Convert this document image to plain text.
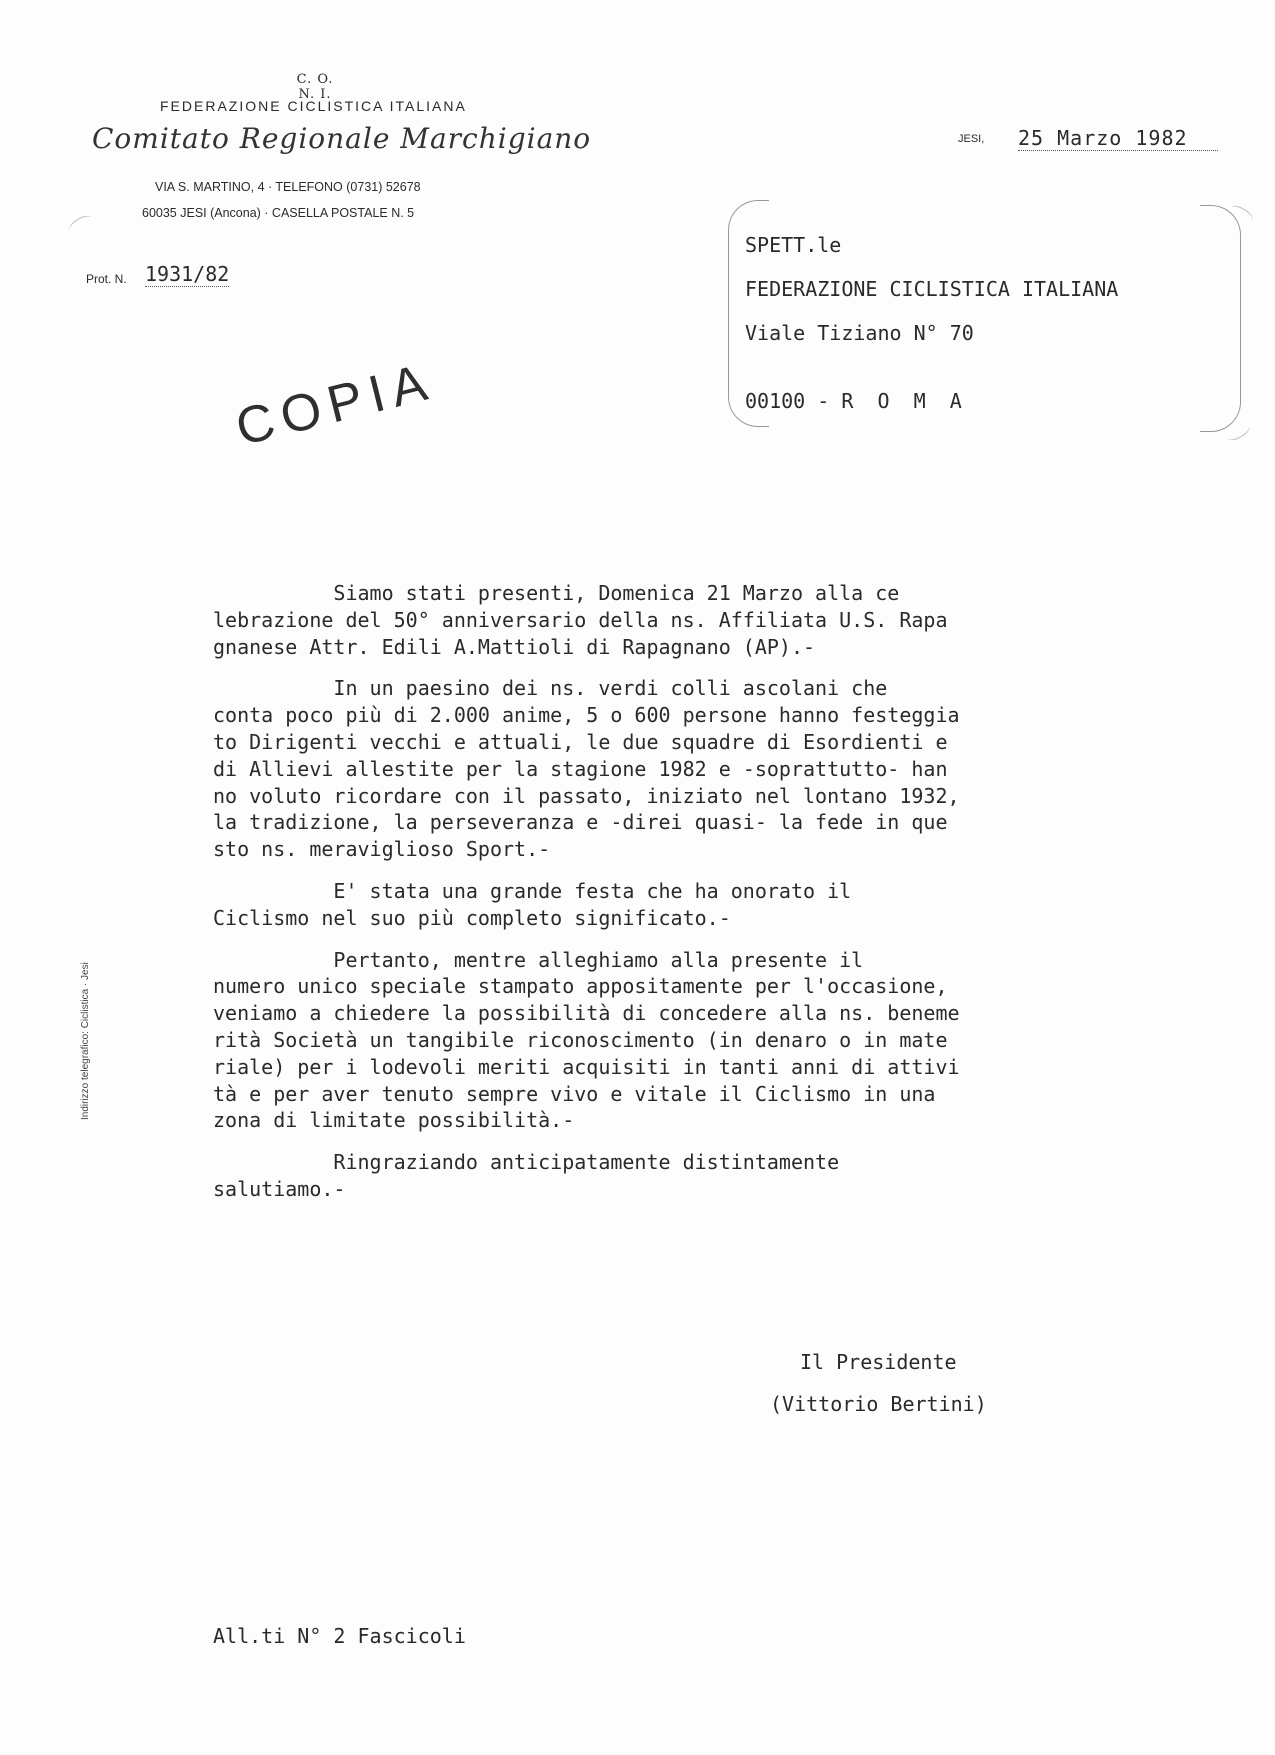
C. O. N. I.
FEDERAZIONE CICLISTICA ITALIANA
Comitato Regionale Marchigiano
VIA S. MARTINO, 4 · TELEFONO (0731) 52678
60035 JESI (Ancona) · CASELLA POSTALE N. 5
Prot. N. 1931/82
JESI, 25 Marzo 1982
SPETT.le
FEDERAZIONE CICLISTICA ITALIANA
Viale Tiziano N° 70
00100 - R  O  M  A
COPIA
Siamo stati presenti, Domenica 21 Marzo alla ce
lebrazione del 50° anniversario della ns. Affiliata U.S. Rapa
gnanese Attr. Edili A.Mattioli di Rapagnano (AP).-
In un paesino dei ns. verdi colli ascolani che
conta poco più di 2.000 anime, 5 o 600 persone hanno festeggia
to Dirigenti vecchi e attuali, le due squadre di Esordienti e
di Allievi allestite per la stagione 1982 e -soprattutto- han
no voluto ricordare con il passato, iniziato nel lontano 1932,
la tradizione, la perseveranza e -direi quasi- la fede in que
sto ns. meraviglioso Sport.-
E' stata una grande festa che ha onorato il
Ciclismo nel suo più completo significato.-
Pertanto, mentre alleghiamo alla presente il
numero unico speciale stampato appositamente per l'occasione,
veniamo a chiedere la possibilità di concedere alla ns. beneme
rità Società un tangibile riconoscimento (in denaro o in mate
riale) per i lodevoli meriti acquisiti in tanti anni di attivi
tà e per aver tenuto sempre vivo e vitale il Ciclismo in una
zona di limitate possibilità.-
Ringraziando anticipatamente distintamente
salutiamo.-
Il Presidente
(Vittorio Bertini)
All.ti N° 2 Fascicoli
Indirizzo telegrafico: Ciclistica · Jesi
